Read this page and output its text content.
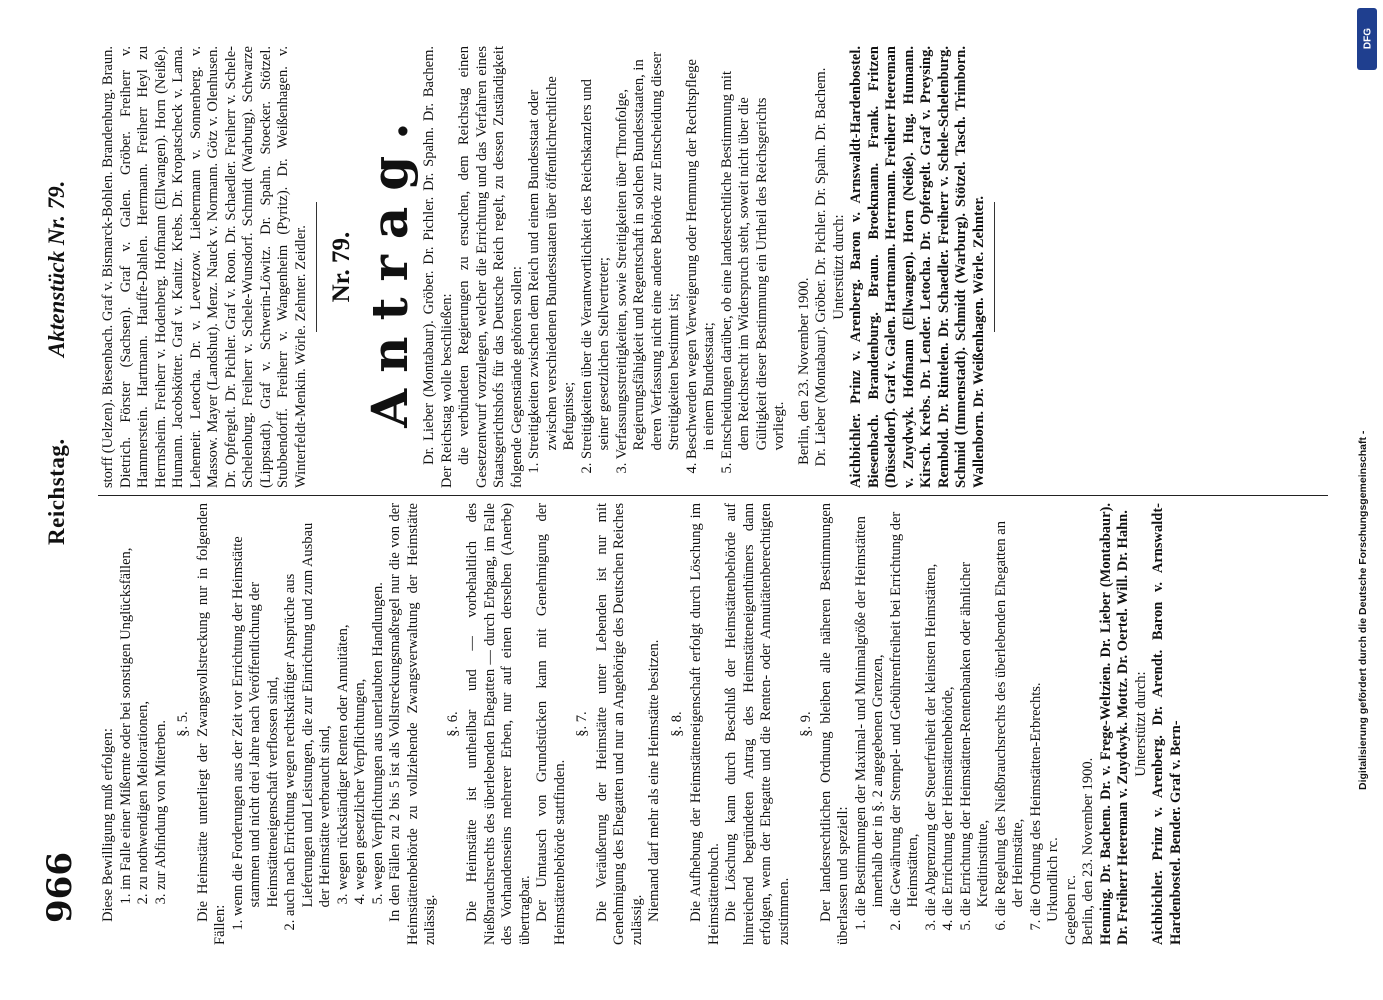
966
Reichstag.
Aktenstück Nr. 79.

Diese Bewilligung muß erfolgen: 1. im Falle einer Mißernte oder bei sonstigen Unglücksfällen, 2. zu nothwendigen Meliorationen, 3. zur Abfindung von Miterben. §. 5. Die Heimstätte unterliegt der Zwangsvollstreckung nur in folgenden Fällen: 1. wenn die Forderungen aus der Zeit vor Errichtung der Heimstätte stammen und nicht drei Jahre nach Veröffentlichung der Heimstätteneigenschaft verflossen sind, 2. auch nach Errichtung wegen rechtskräftiger Ansprüche aus Lieferungen und Leistungen, die zur Einrichtung und zum Ausbau der Heimstätte verbraucht sind, 3. wegen rückständiger Renten oder Annuitäten, 4. wegen gesetzlicher Verpflichtungen, 5. wegen Verpflichtungen aus unerlaubten Handlungen. In den Fällen zu 2 bis 5 ist als Vollstreckungsmaßregel nur die von der Heimstättenbehörde zu vollziehende Zwangsverwaltung der Heimstätte zulässig.

§. 6. Die Heimstätte ist untheilbar und — vorbehaltlich des Nießbrauchsrechts des überlebenden Ehegatten — durch Erbgang, im Falle des Vorhandenseins mehrerer Erben, nur auf einen derselben (Anerbe) übertragbar. Der Umtausch von Grundstücken kann mit Genehmigung der Heimstättenbehörde stattfinden.

§. 7. Die Veräußerung der Heimstätte unter Lebenden ist nur mit Genehmigung des Ehegatten und nur an Angehörige des Deutschen Reiches zulässig. Niemand darf mehr als eine Heimstätte besitzen. §. 8. Die Aufhebung der Heimstätteneigenschaft erfolgt durch Löschung im Heimstättenbuch. Die Löschung kann durch Beschluß der Heimstättenbehörde auf hinreichend begründeten Antrag des Heimstätteneigenthümers dann erfolgen, wenn der Ehegatte und die Renten- oder Annuitätenberechtigten zustimmen.

§. 9. Der landesrechtlichen Ordnung bleiben alle näheren Bestimmungen überlassen und speziell: 1. die Bestimmungen der Maximal- und Minimalgröße der Heimstätten innerhalb der in §. 2 angegebenen Grenzen, 2. die Gewährung der Stempel- und Gebührenfreiheit bei Errichtung der Heimstätten, 3. die Abgrenzung der Steuerfreiheit der kleinsten Heimstätten, 4. die Errichtung der Heimstättenbehörde, 5. die Errichtung der Heimstätten-Rentenbanken oder ähnlicher Kreditinstitute, 6. die Regelung des Nießbrauchsrechts des überlebenden Ehegatten an der Heimstätte, 7. die Ordnung des Heimstätten-Erbrechts. Urkundlich rc. Gegeben rc. Berlin, den 23. November 1900. Henning. Dr. Bachem. Dr. v. Frege-Weltzien. Dr. Lieber (Montabaur). Dr. Freiherr Heereman v. Zuydwyk. Mottz. Dr. Oertel. Will. Dr. Hahn. Unterstützt durch: Aichbichler. Prinz v. Arenberg. Dr. Arendt. Baron v. Arnswaldt-Hardenbostel. Bender. Graf v. Bern-

storff (Uelzen). Biesenbach. Graf v. Bismarck-Bohlen. Brandenburg. Braun. Dietrich. Förster (Sachsen). Graf v. Galen. Gröber. Freiherr v. Hammerstein. Hartmann. Hauffe-Dahlen. Herrmann. Freiherr Heyl zu Herrnsheim. Freiherr v. Hodenberg. Hofmann (Ellwangen). Horn (Neiße). Humann. Jacobskötter. Graf v. Kanitz. Krebs. Dr. Kropatscheck v. Lama. Lehemeir. Letocha. Dr. v. Levetzow. Liebermann v. Sonnenberg. v. Massow. Mayer (Landshut). Menz. Nauck v. Normann. Götz v. Olenhusen. Dr. Opfergelt. Dr. Pichler. Graf v. Roon. Dr. Schaedler. Freiherr v. Schele-Schelenburg. Freiherr v. Schele-Wunsdorf. Schmidt (Warburg). Schwarze (Lippstadt). Graf v. Schwerin-Löwitz. Dr. Spahn. Stoecker. Stötzel. Stubbendorff. Freiherr v. Wangenheim (Pyritz). Dr. Weißenhagen. v. Winterfeldt-Menkin. Wörle. Zehnter. Zeidler. Nr. 79. Antrag. Dr. Lieber (Montabaur). Gröber. Dr. Pichler. Dr. Spahn. Dr. Bachem. Der Reichstag wolle beschließen: die verbündeten Regierungen zu ersuchen, dem Reichstag einen Gesetzentwurf vorzulegen, welcher die Errichtung und das Verfahren eines Staatsgerichtshofs für das Deutsche Reich regelt, zu dessen Zuständigkeit folgende Gegenstände gehören sollen: 1. Streitigkeiten zwischen dem Reich und einem Bundesstaat oder zwischen verschiedenen Bundesstaaten über öffentlichrechtliche Befugnisse; 2. Streitigkeiten über die Verantwortlichkeit des Reichskanzlers und seiner gesetzlichen Stellvertreter; 3. Verfassungsstreitigkeiten, sowie Streitigkeiten über Thronfolge, Regierungsfähigkeit und Regentschaft in solchen Bundesstaaten, in deren Verfassung nicht eine andere Behörde zur Entscheidung dieser Streitigkeiten bestimmt ist; 4. Beschwerden wegen Verweigerung oder Hemmung der Rechtspflege in einem Bundesstaat; 5. Entscheidungen darüber, ob eine landesrechtliche Bestimmung mit dem Reichsrecht im Widerspruch steht, soweit nicht über die Gültigkeit dieser Bestimmung ein Urtheil des Reichsgerichts vorliegt. Berlin, den 23. November 1900. Dr. Lieber (Montabaur). Gröber. Dr. Pichler. Dr. Spahn. Dr. Bachem. Unterstützt durch: Aichbichler. Prinz v. Arenberg. Baron v. Arnswaldt-Hardenbostel. Biesenbach. Brandenburg. Braun. Broekmann. Frank. Fritzen (Düsseldorf). Graf v. Galen. Hartmann. Herrmann. Freiherr Heereman v. Zuydwyk. Hofmann (Ellwangen). Horn (Neiße). Hug. Humann. Kirsch. Krebs. Dr. Lender. Letocha. Dr. Opfergelt. Graf v. Preysing. Rembold. Dr. Rintelen. Dr. Schaedler. Freiherr v. Schele-Schelenburg. Schmid (Immenstadt). Schmidt (Warburg). Stötzel. Tasch. Trimborn. Wallenborn. Dr. Weißenhagen. Wörle. Zehnter.

DFG
Digitalisierung gefördert durch die Deutsche Forschungsgemeinschaft -
